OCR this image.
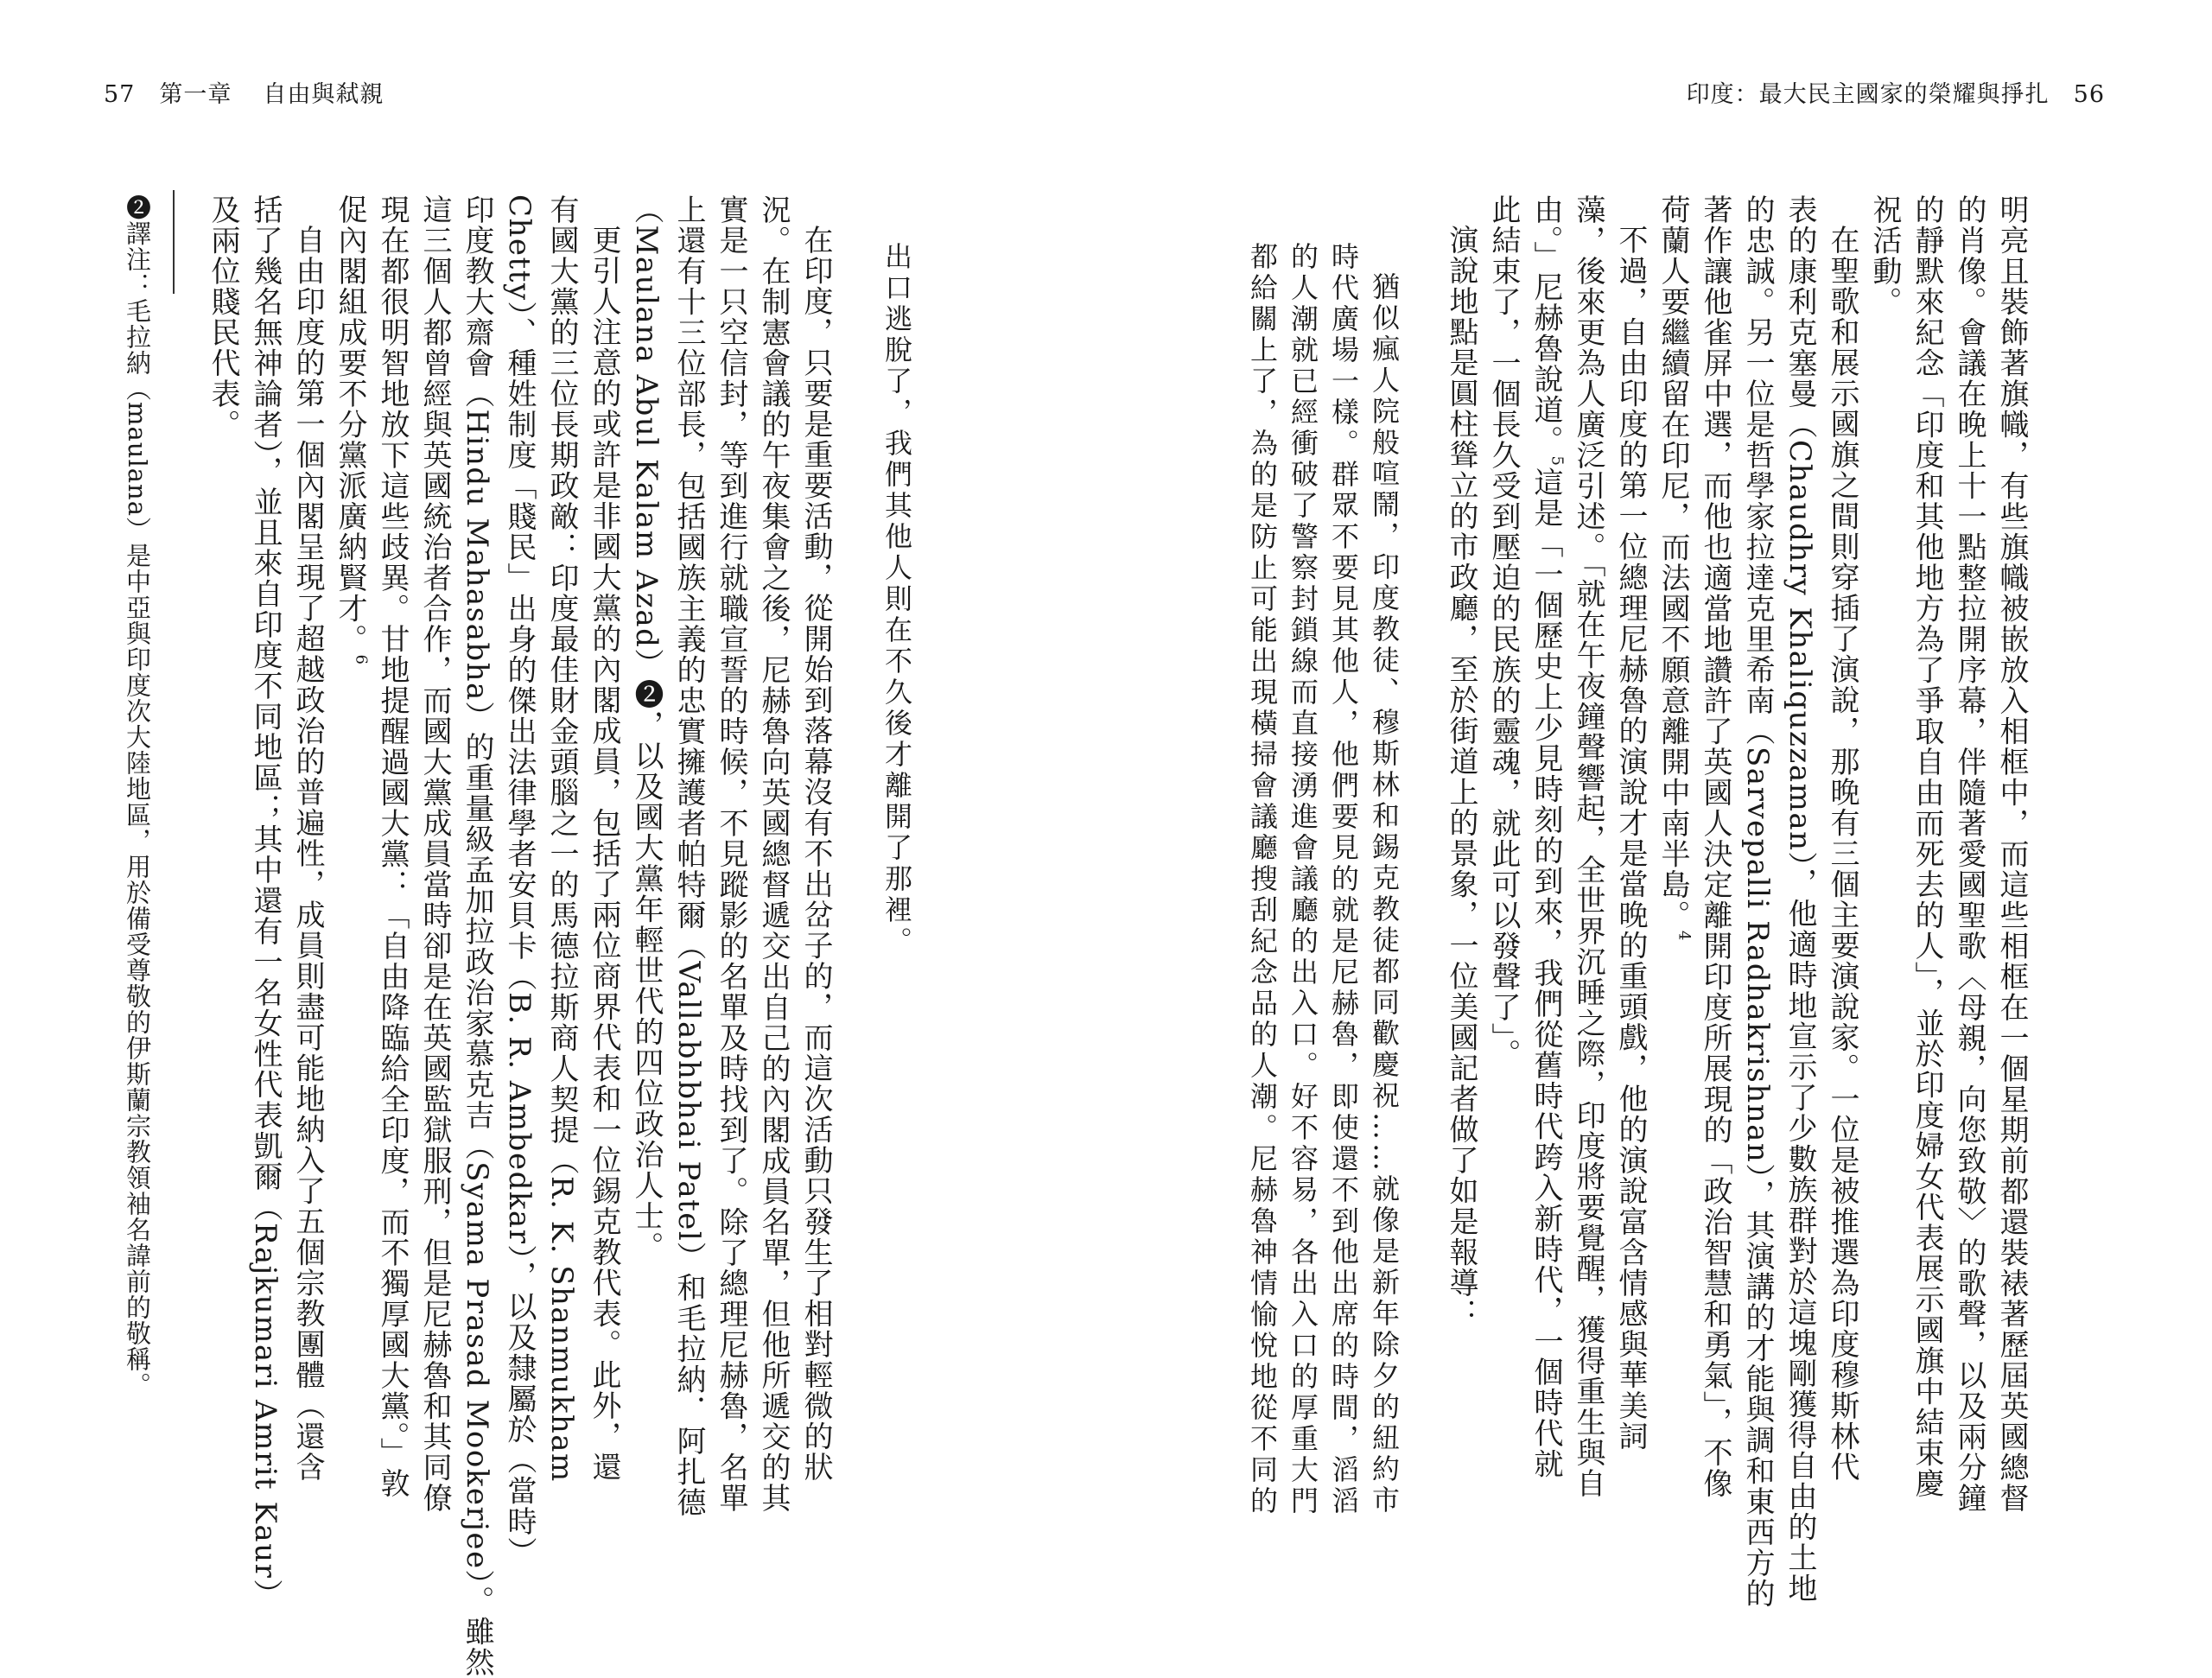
57 第一章 自由與弒親	印度：最大民主國家的榮耀與掙扎 56
明亮且裝飾著旗幟，有些旗幟被嵌放入相框中，而這些相框在一個星期前都還裝裱著歷屆英國總督
的肖像。會議在晚上十一點整拉開序幕，伴隨著愛國聖歌〈母親，向您致敬〉的歌聲，以及兩分鐘
的靜默來紀念「印度和其他地方為了爭取自由而死去的人」，並於印度婦女代表展示國旗中結束慶
祝活動。
在聖歌和展示國旗之間則穿插了演說，那晚有三個主要演說家。一位是被推選為印度穆斯林代
表的康利克塞曼（Chaudhry Khaliquzzaman），他適時地宣示了少數族群對於這塊剛獲得自由的土地
的忠誠。另一位是哲學家拉達克里希南（Sarvepalli Radhakrishnan），其演講的才能與調和東西方的
著作讓他雀屏中選，而他也適當地讚許了英國人決定離開印度所展現的「政治智慧和勇氣」，不像
荷蘭人要繼續留在印尼，而法國不願意離開中南半島。$^4$
不過，自由印度的第一位總理尼赫魯的演說才是當晚的重頭戲，他的演說富含情感與華美詞
藻，後來更為人廣泛引述。「就在午夜鐘聲響起，全世界沉睡之際，印度將要覺醒，獲得重生與自
由。」尼赫魯說道。$^5$這是「一個歷史上少見時刻的到來，我們從舊時代跨入新時代，一個時代就
此結束了，一個長久受到壓迫的民族的靈魂，就此可以發聲了」。
演說地點是圓柱聳立的市政廳，至於街道上的景象，一位美國記者做了如是報導：
猶似瘋人院般喧鬧，印度教徒、穆斯林和錫克教徒都同歡慶祝……就像是新年除夕的紐約市
時代廣場一樣。群眾不要見其他人，他們要見的就是尼赫魯，即使還不到他出席的時間，滔滔
的人潮就已經衝破了警察封鎖線而直接湧進會議廳的出入口。好不容易，各出入口的厚重大門
都給關上了，為的是防止可能出現橫掃會議廳搜刮紀念品的人潮。尼赫魯神情愉悅地從不同的
出口逃脫了，我們其他人則在不久後才離開了那裡。
在印度，只要是重要活動，從開始到落幕沒有不出岔子的，而這次活動只發生了相對輕微的狀
況。在制憲會議的午夜集會之後，尼赫魯向英國總督遞交出自己的內閣成員名單，但他所遞交的其
實是一只空信封，等到進行就職宣誓的時候，不見蹤影的名單及時找到了。除了總理尼赫魯，名單
上還有十三位部長，包括國族主義的忠實擁護者帕特爾（Vallabhbhai Patel）和毛拉納．阿扎德
（Maulana Abul Kalam Azad）❷，以及國大黨年輕世代的四位政治人士。
更引人注意的或許是非國大黨的內閣成員，包括了兩位商界代表和一位錫克教代表。此外，還
有國大黨的三位長期政敵：印度最佳財金頭腦之一的馬德拉斯商人契提（R. K. Shanmukham
Chetty）、種姓制度「賤民」出身的傑出法律學者安貝卡（B. R. Ambedkar），以及隸屬於（當時）
印度教大齋會（Hindu Mahasabha）的重量級孟加拉政治家慕克吉（Syama Prasad Mookerjee）。雖然
這三個人都曾經與英國統治者合作，而國大黨成員當時卻是在英國監獄服刑，但是尼赫魯和其同僚
現在都很明智地放下這些歧異。甘地提醒過國大黨：「自由降臨給全印度，而不獨厚國大黨。」敦
促內閣組成要不分黨派廣納賢才。$^6$
自由印度的第一個內閣呈現了超越政治的普遍性，成員則盡可能地納入了五個宗教團體（還含
括了幾名無神論者），並且來自印度不同地區；其中還有一名女性代表凱爾（Rajkumari Amrit Kaur）
及兩位賤民代表。
❷譯注：毛拉納（maulana）是中亞與印度次大陸地區，用於備受尊敬的伊斯蘭宗教領袖名諱前的敬稱。
